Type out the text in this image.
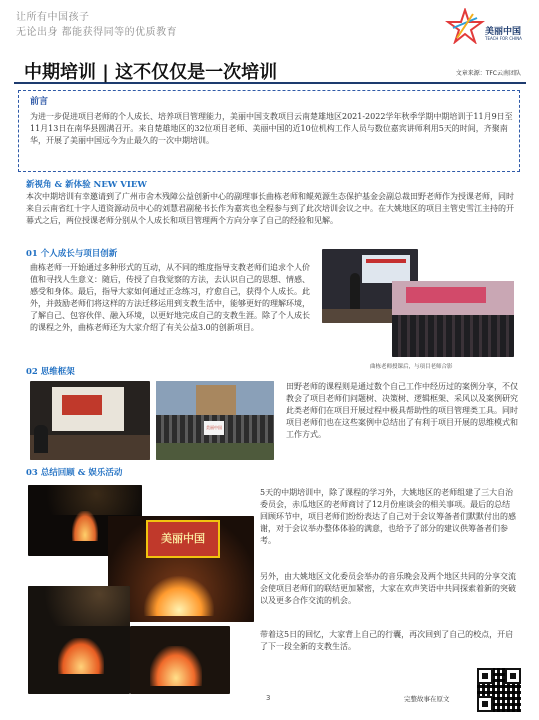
让所有中国孩子
无论出身 都能获得同等的优质教育	美丽中国
TEACH FOR CHINA
中期培训 | 这不仅仅是一次培训	文章来源：TFC云南团队
前言
为进一步促进项目老师的个人成长、培养项目管理能力，美丽中国支教项目云南楚雄地区2021-2022学年秋季学期中期培训于11月9日至11月13日在南华县圆满召开。来自楚雄地区的32位项目老师、美丽中国的近10位机构工作人员与数位嘉宾讲师利用5天的时间，齐聚南华，开展了美丽中国远今为止最久的一次中期培训。
新视角 & 新体验 NEW VIEW
本次中期培训有幸邀请到了广州市舍木残障公益创新中心的副理事长曲栋老师和鲲苑源生态保护基金会副总裁田野老师作为授课老师，同时来自云南省红十字人道资源动员中心的刘慧君副秘书长作为嘉宾也全程参与到了此次培训会议之中。在大姚地区的项目主管史雪江主持的开幕式之后，两位授课老师分别从个人成长和项目管理两个方向分享了自己的经验和见解。
01 个人成长与项目创新
曲栋老师一开始通过多种形式的互动，从不同的维度指导支教老师们追求个人价值和寻找人生意义：随后，传授了自我觉察的方法，去认识自己的思想、情感、感受和身体。最后，指导大家如何通过正念练习，疗愈自己，获得个人成长。此外，并鼓励老师们将这样的方法迁移运用到支教生活中，能够更好的理解环境，了解自己、包容伙伴、融入环境，以更好地完成自己的支教生涯。除了个人成长的课程之外，曲栋老师还为大家介绍了有关公益3.0的创新项目。
曲栋老师授课后，与项目老师合影
02 思维框架
美丽中国
田野老师的课程则是通过数个自己工作中经历过的案例分享，不仅教会了项目老师们问题树、决策树、逻辑框架、采风以及案例研究此类老师们在项目开展过程中极具帮助性的项目管理类工具。同时项目老师们也在这些案例中总结出了有利于项目开展的思维模式和工作方式。
03 总结回顾 & 娱乐活动
美丽中国
5天的中期培训中，除了课程的学习外，大姚地区的老师组建了三大自治委员会，赤瓜地区的老师商讨了12月份座谈会的相关事项。最后的总结回顾环节中，项目老师们纷纷表达了自己对于会议筹备者们默默付出的感谢，对于会议举办整体体验的满意，也给予了部分的建议供筹备者们参考。
另外，由大姚地区文化委员会举办的音乐晚会及两个地区共同的分享交流会使项目老师们的联结更加紧密，大家在欢声笑语中共同探索着新的突破以及更多合作交流的机会。
带着这5日的回忆，大家背上自己的行囊，再次回到了自己的校点，开启了下一段全新的支教生活。
3	完整故事在原文
